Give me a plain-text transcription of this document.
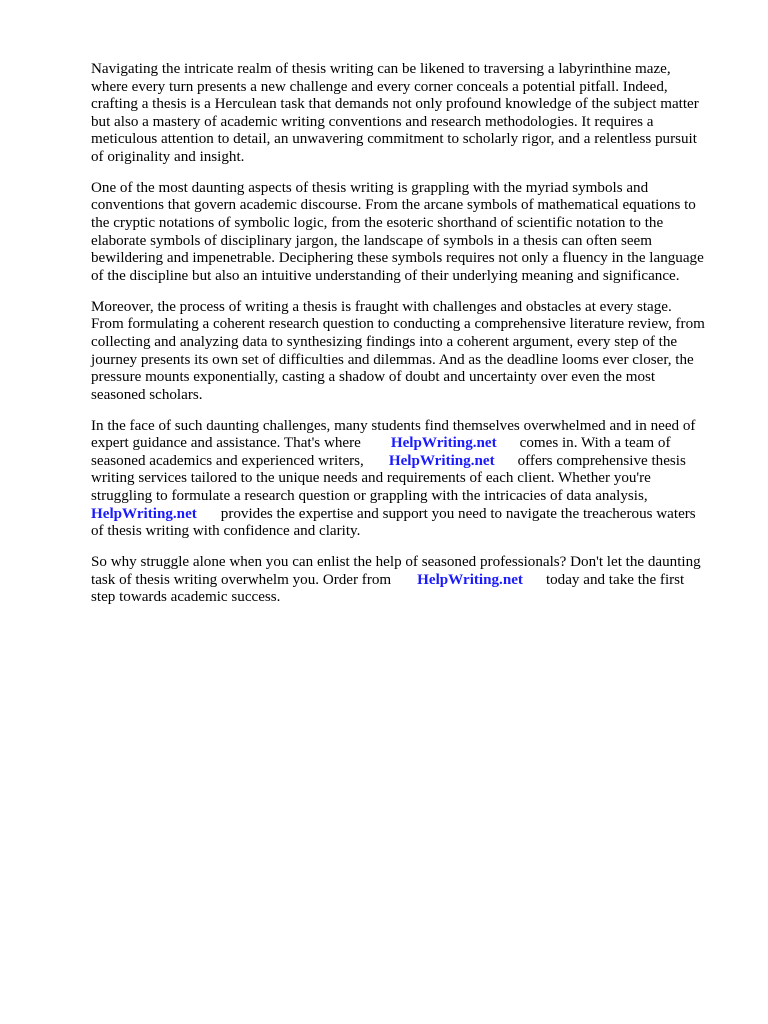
Navigating the intricate realm of thesis writing can be likened to traversing a labyrinthine maze,
where every turn presents a new challenge and every corner conceals a potential pitfall. Indeed,
crafting a thesis is a Herculean task that demands not only profound knowledge of the subject matter
but also a mastery of academic writing conventions and research methodologies. It requires a
meticulous attention to detail, an unwavering commitment to scholarly rigor, and a relentless pursuit
of originality and insight.
One of the most daunting aspects of thesis writing is grappling with the myriad symbols and
conventions that govern academic discourse. From the arcane symbols of mathematical equations to
the cryptic notations of symbolic logic, from the esoteric shorthand of scientific notation to the
elaborate symbols of disciplinary jargon, the landscape of symbols in a thesis can often seem
bewildering and impenetrable. Deciphering these symbols requires not only a fluency in the language
of the discipline but also an intuitive understanding of their underlying meaning and significance.
Moreover, the process of writing a thesis is fraught with challenges and obstacles at every stage.
From formulating a coherent research question to conducting a comprehensive literature review, from
collecting and analyzing data to synthesizing findings into a coherent argument, every step of the
journey presents its own set of difficulties and dilemmas. And as the deadline looms ever closer, the
pressure mounts exponentially, casting a shadow of doubt and uncertainty over even the most
seasoned scholars.
In the face of such daunting challenges, many students find themselves overwhelmed and in need of
expert guidance and assistance. That's where HelpWriting.net comes in. With a team of
seasoned academics and experienced writers, HelpWriting.net offers comprehensive thesis
writing services tailored to the unique needs and requirements of each client. Whether you're
struggling to formulate a research question or grappling with the intricacies of data analysis,
HelpWriting.net provides the expertise and support you need to navigate the treacherous waters
of thesis writing with confidence and clarity.
So why struggle alone when you can enlist the help of seasoned professionals? Don't let the daunting
task of thesis writing overwhelm you. Order from HelpWriting.net today and take the first
step towards academic success.
